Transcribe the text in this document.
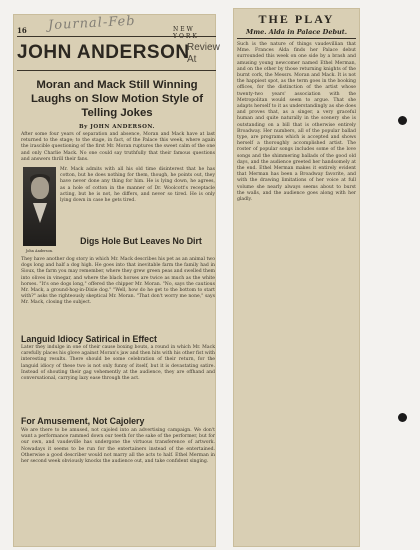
Journal-Feb
16	NEW YORK
JOHN ANDERSON
Review At
Moran and Mack Still Winning Laughs on Slow Motion Style of Telling Jokes
By JOHN ANDERSON.
After some four years of separation and absence, Moran and Mack have at last returned to the stage; to the stage, in fact, of the Palace this week, where again the irascible questioning of the first Mr. Moran ruptures the sweet calm of the one and only Charlie Mack. No one could say truthfully that their famous questions and answers thrill their fans.
John Anderson.
Mr. Mack admits with all his old time disinterest that he has cotton, but he does nothing for them, though, he points out, they have never done any thing for him. He is lying down, he agrees, as a hole of cotton in the manner of Dr. Woolcott's receptacle acting, but he is not, he differs, and never so tired. He is only lying down in case he gets tired.
Digs Hole But Leaves No Dirt
They have another dog story in which Mr. Mack describes his pet as an animal two dogs long and half a dog high. He goes into that inevitable farm the family had in Sioux, the farm you may remember, where they grew green peas and swelled them into olives in vinegar, and where the black horses are twice as much as the white horses. "It's one dogs long," offered the chipper Mr. Moran. "No, says the cautious Mr. Mack, a ground-hog-in-Dixie dog." "Well, how do he get to the bottom to start with?" asks the righteously skeptical Mr. Moran. "That don't worry me none," says Mr. Mack, closing the subject.
Languid Idiocy Satirical in Effect
Later they indulge in one of their cause boxing bouts, a round in which Mr. Mack carefully places his glove against Moran's jaw and then hits with his other fist with interesting results. There should be some celebration of their return, for the languid idiocy of these two is not only funny of itself, but it is devastating satire. Instead of shouting their gag vehemently at the audience, they are offhand and conversational, carrying lazy ease through the act.
For Amusement, Not Cajolery
We are there to be amused, not cajoled into an advertising campaign. We don't want a performance rammed down our teeth for the sake of the performer, but for our own, and vaudeville has undergone the virtuous transference of artwork. Nowadays it seems to be run for the entertainers instead of the entertained. Otherwise a good describer would not marry all the acts to half. Ethel Merman in her second week obviously knocks the audience out, and take confident singing.
THE PLAY
Mme. Alda in Palace Debut.
Such is the nature of things vaudevillian that Mme. Frances Alda finds her Palace debut surrounded this week on one side by a brash and amusing young newcomer named Ethel Merman, and on the other by those returning knights of the burnt cork, the Messrs. Moran and Mack. It is not the happiest spot, as the term goes in the booking offices, for the distinction of the artist whose twenty-two years' association with the Metropolitan would seem to argue. That she adapts herself to it as understandingly as she does and proves that, as a singer, a very graceful human and quite naturally in the scenery she is outstanding on a bill that is otherwise entirely Broadway. Her numbers, all of the popular ballad type, are programs which is accepted and shows herself a thoroughly accomplished artist. The roster of popular songs includes some of the love songs and the shimmering ballads of the good old days, and the audience greeted her handsomely at the end. Ethel Merman makes it entirely evident that Merman has been a Broadway favorite, and with the drawing limitations of her voice at full volume she nearly always seems about to burst the walls, and the audience goes along with her gladly.
